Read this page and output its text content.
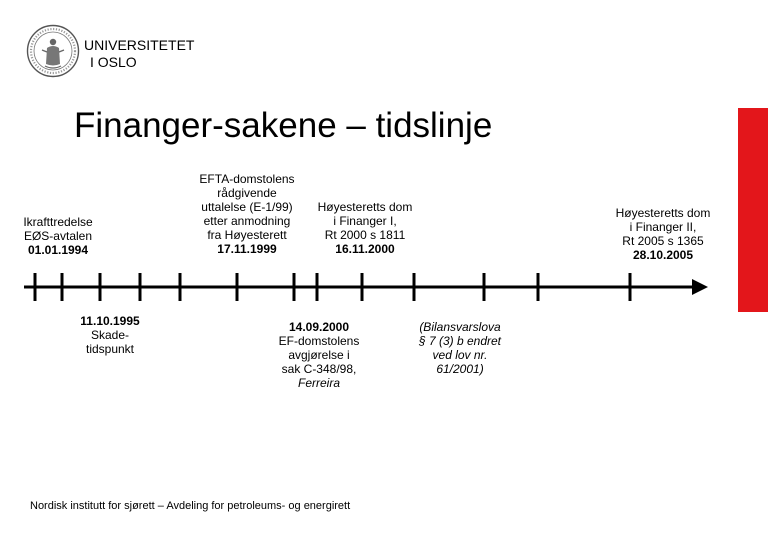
UNIVERSITETET
I OSLO
Finanger-sakene – tidslinje
Ikrafttredelse
EØS-avtalen
01.01.1994
EFTA-domstolens
rådgivende
uttalelse (E-1/99)
etter anmodning
fra Høyesterett
17.11.1999
Høyesteretts dom
i Finanger I,
Rt 2000 s 1811
16.11.2000
Høyesteretts dom
i Finanger II,
Rt 2005 s 1365
28.10.2005
11.10.1995
Skade-
tidspunkt
14.09.2000
EF-domstolens
avgjørelse i
sak C-348/98,
Ferreira
(Bilansvarslova
§ 7 (3) b endret
ved lov nr.
61/2001)
Nordisk institutt for sjørett – Avdeling for petroleums- og energirett
